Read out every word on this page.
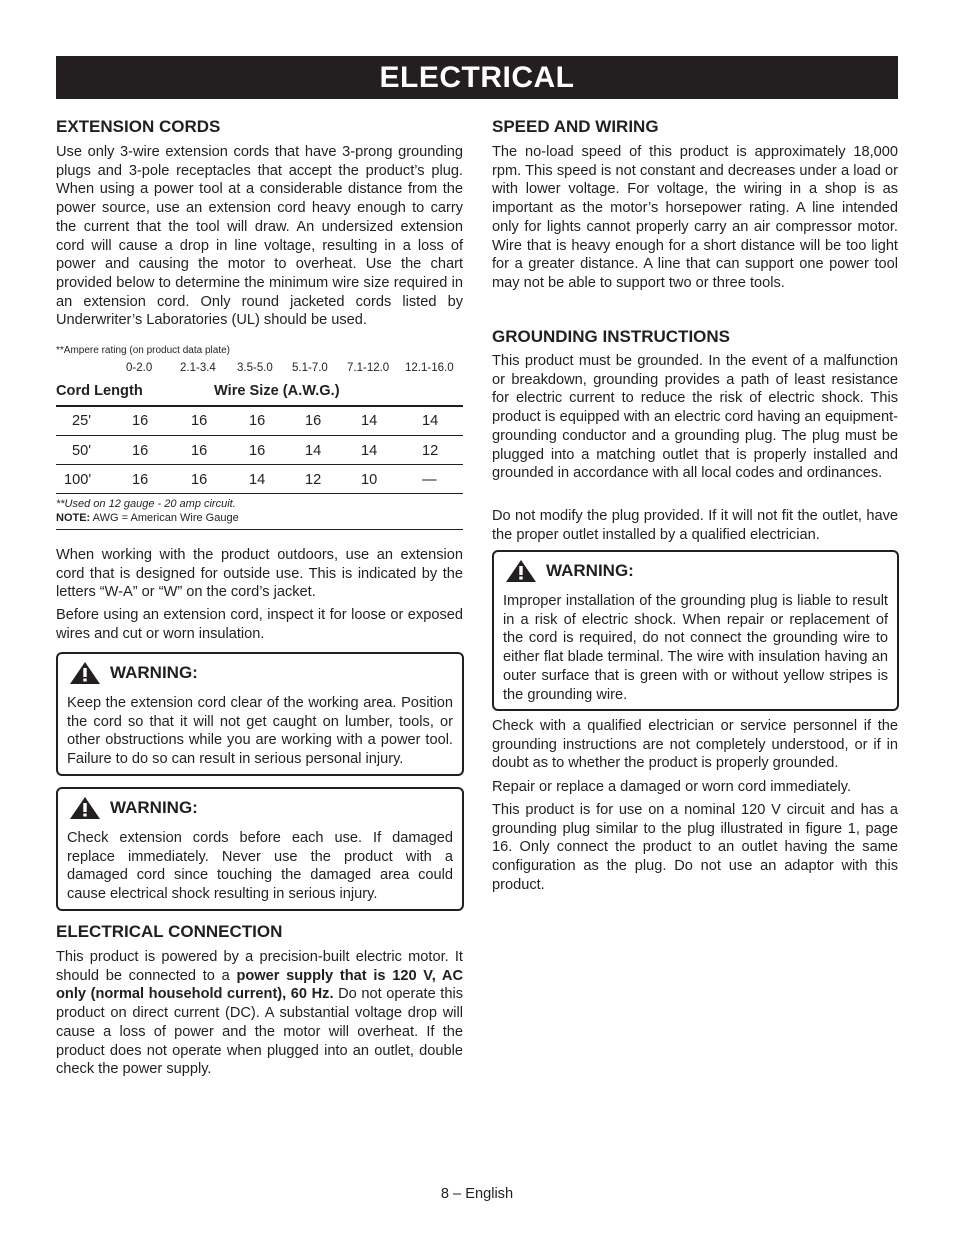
ELECTRICAL
EXTENSION CORDS

Use only 3-wire extension cords that have 3-prong grounding plugs and 3-pole receptacles that accept the product’s plug. When using a power tool at a considerable distance from the power source, use an extension cord heavy enough to carry the current that the tool will draw. An undersized extension cord will cause a drop in line voltage, resulting in a loss of power and causing the motor to overheat. Use the chart provided below to determine the minimum wire size required in an extension cord. Only round jacketed cords listed by Underwriter’s Laboratories (UL) should be used.

**Ampere rating (on product data plate)
0-2.0 2.1-3.4 3.5-5.0 5.1-7.0 7.1-12.0 12.1-16.0
Cord Length	Wire Size (A.W.G.)
25'	16	16	16	16	14	14
50'	16	16	16	14	14	12
100'	16	16	14	12	10	—
**Used on 12 gauge - 20 amp circuit.
NOTE: AWG = American Wire Gauge

When working with the product outdoors, use an extension cord that is designed for outside use. This is indicated by the letters “W-A” or “W” on the cord’s jacket.

Before using an extension cord, inspect it for loose or exposed wires and cut or worn insulation.

WARNING:

Keep the extension cord clear of the working area. Position the cord so that it will not get caught on lumber, tools, or other obstructions while you are working with a power tool. Failure to do so can result in serious personal injury.

WARNING:

Check extension cords before each use. If damaged replace immediately. Never use the product with a damaged cord since touching the damaged area could cause electrical shock resulting in serious injury.

ELECTRICAL CONNECTION

This product is powered by a precision-built electric motor. It should be connected to a power supply that is 120 V, AC only (normal household current), 60 Hz. Do not operate this product on direct current (DC). A substantial voltage drop will cause a loss of power and the motor will overheat. If the product does not operate when plugged into an outlet, double check the power supply.

SPEED AND WIRING

The no-load speed of this product is approximately 18,000 rpm. This speed is not constant and decreases under a load or with lower voltage. For voltage, the wiring in a shop is as important as the motor’s horsepower rating. A line intended only for lights cannot properly carry an air compressor motor. Wire that is heavy enough for a short distance will be too light for a greater distance. A line that can support one power tool may not be able to support two or three tools.

GROUNDING INSTRUCTIONS

This product must be grounded. In the event of a malfunction or breakdown, grounding provides a path of least resistance for electric current to reduce the risk of electric shock. This product is equipped with an electric cord having an equipment-grounding conductor and a grounding plug. The plug must be plugged into a matching outlet that is properly installed and grounded in accordance with all local codes and ordinances.

Do not modify the plug provided. If it will not fit the outlet, have the proper outlet installed by a qualified electrician.

WARNING:

Improper installation of the grounding plug is liable to result in a risk of electric shock. When repair or replacement of the cord is required, do not connect the grounding wire to either flat blade terminal. The wire with insulation having an outer surface that is green with or without yellow stripes is the grounding wire.

Check with a qualified electrician or service personnel if the grounding instructions are not completely understood, or if in doubt as to whether the product is properly grounded.

Repair or replace a damaged or worn cord immediately.

This product is for use on a nominal 120 V circuit and has a grounding plug similar to the plug illustrated in figure 1, page 16. Only connect the product to an outlet having the same configuration as the plug. Do not use an adaptor with this product.

8 – English
